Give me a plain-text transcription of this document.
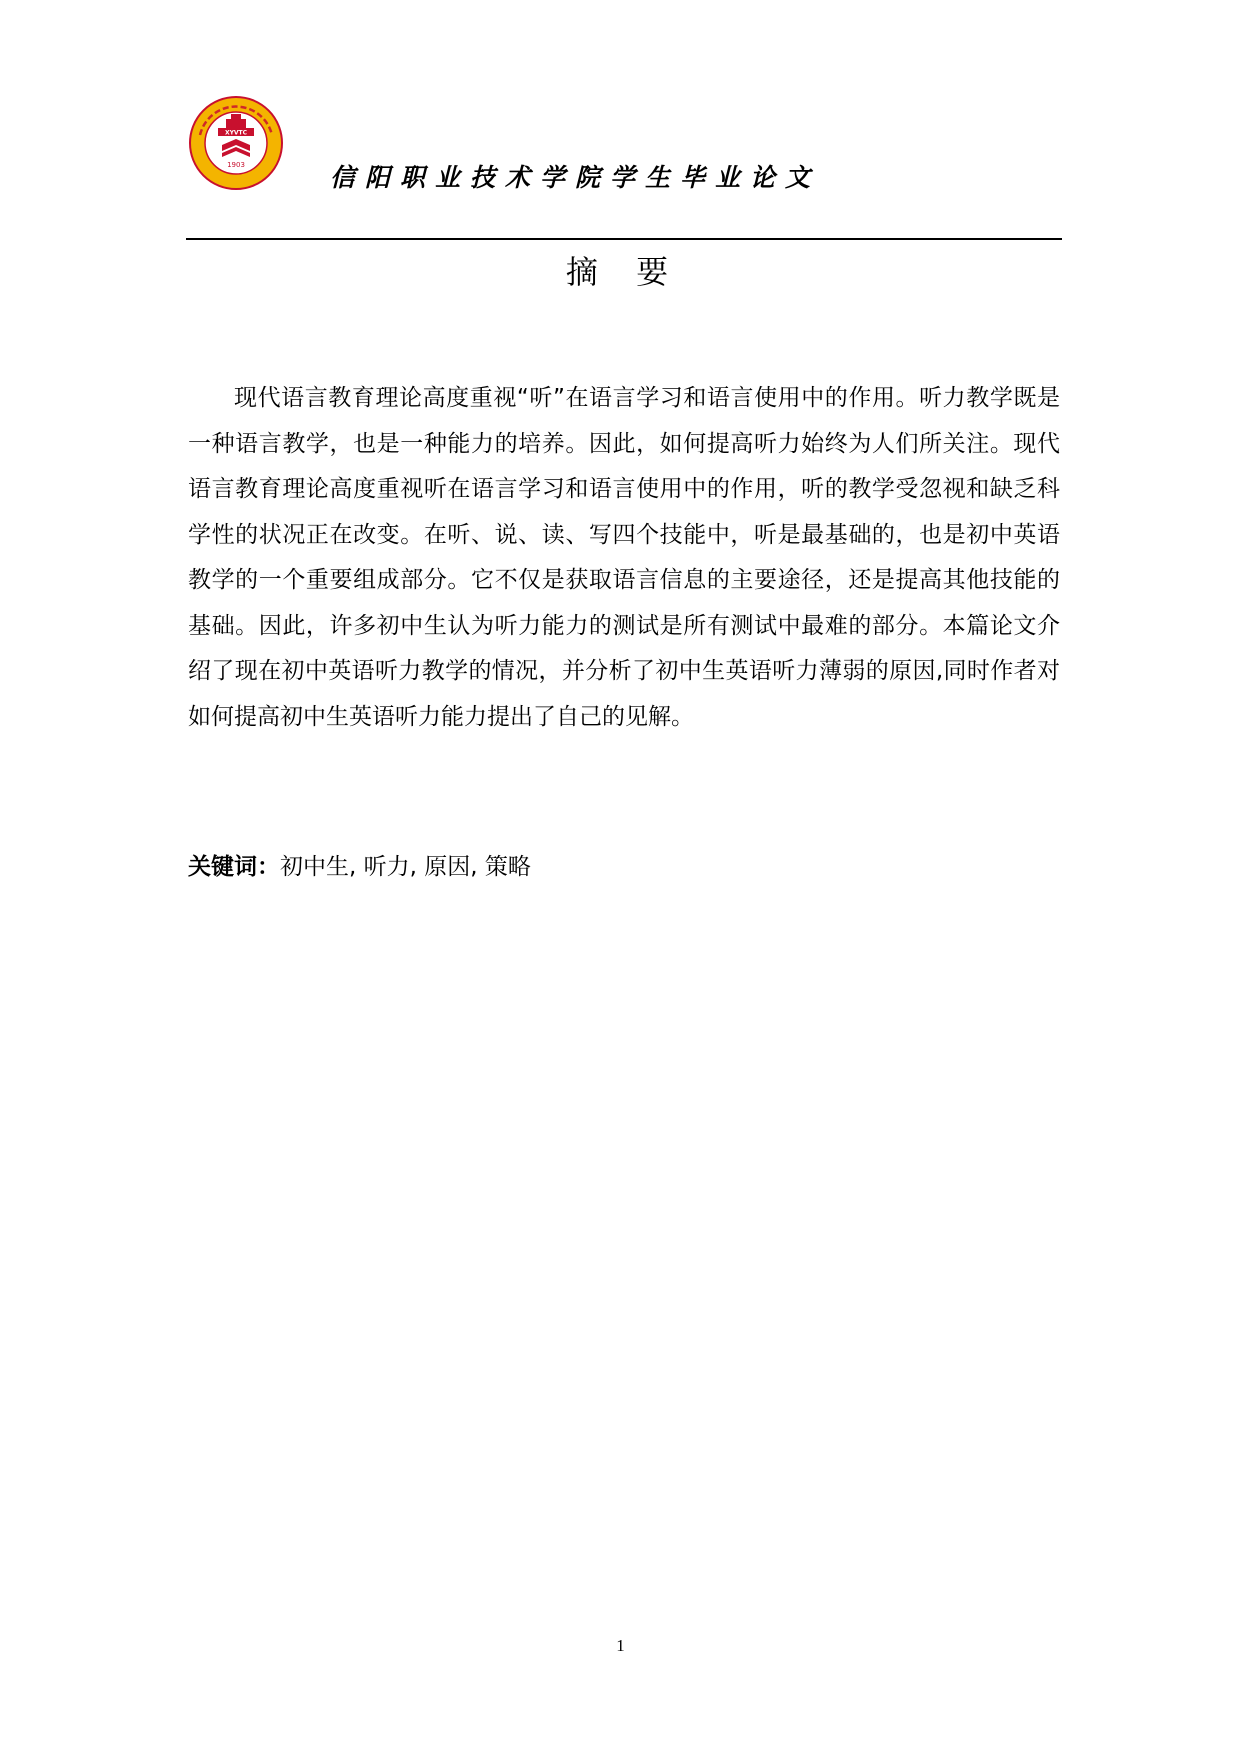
XYVTC
1903	信阳职业技术学院学生毕业论文
摘 要

现代语言教育理论高度重视“听”在语言学习和语言使用中的作用。听力教学既是一种语言教学，也是一种能力的培养。因此，如何提高听力始终为人们所关注。现代语言教育理论高度重视听在语言学习和语言使用中的作用，听的教学受忽视和缺乏科学性的状况正在改变。在听、说、读、写四个技能中，听是最基础的，也是初中英语教学的一个重要组成部分。它不仅是获取语言信息的主要途径，还是提高其他技能的基础。因此，许多初中生认为听力能力的测试是所有测试中最难的部分。本篇论文介绍了现在初中英语听力教学的情况，并分析了初中生英语听力薄弱的原因,同时作者对如何提高初中生英语听力能力提出了自己的见解。

关键词：初中生, 听力, 原因, 策略
1
